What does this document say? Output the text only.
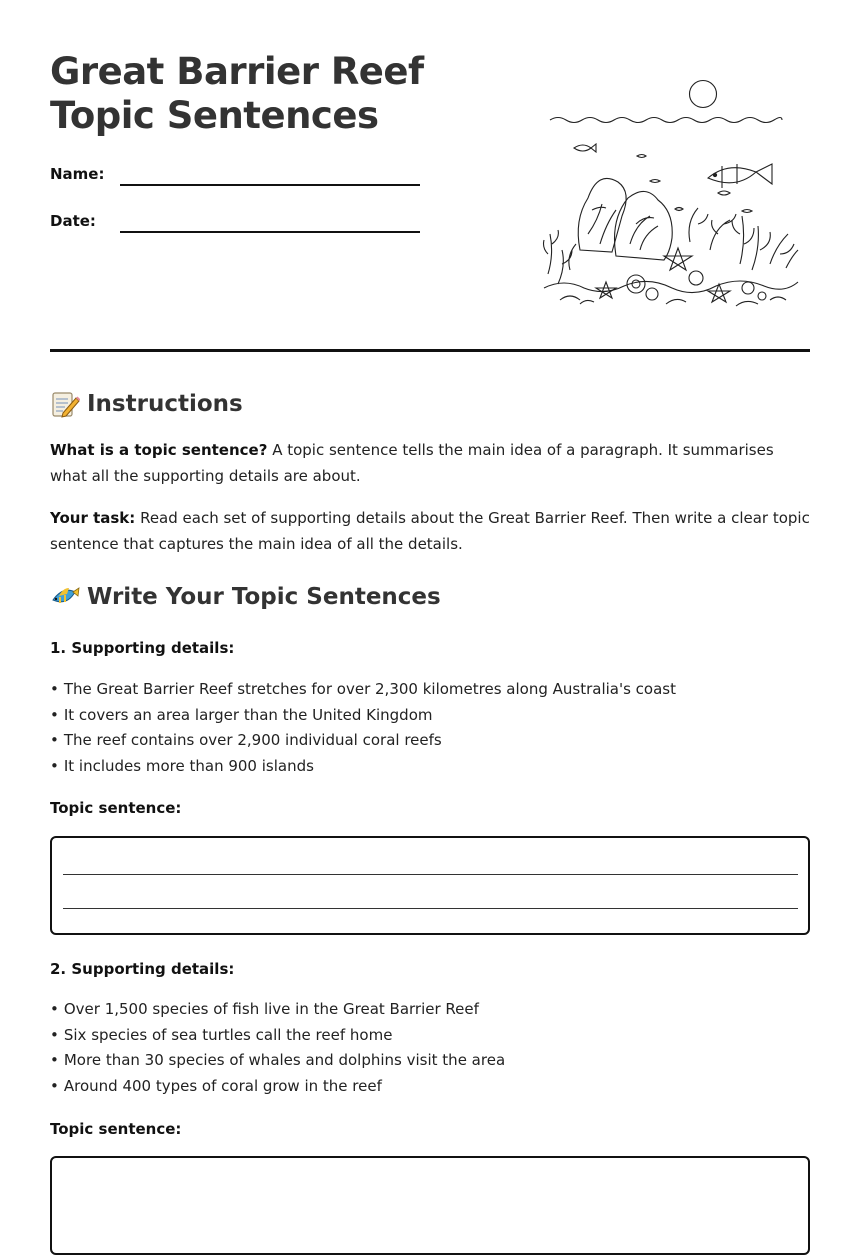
Great Barrier Reef Topic Sentences
Name:
Date:
Instructions

What is a topic sentence? A topic sentence tells the main idea of a paragraph. It summarises what all the supporting details are about.

Your task: Read each set of supporting details about the Great Barrier Reef. Then write a clear topic sentence that captures the main idea of all the details.

Write Your Topic Sentences

1. Supporting details:

• The Great Barrier Reef stretches for over 2,300 kilometres along Australia's coast
• It covers an area larger than the United Kingdom
• The reef contains over 2,900 individual coral reefs
• It includes more than 900 islands

Topic sentence:

2. Supporting details:

• Over 1,500 species of fish live in the Great Barrier Reef
• Six species of sea turtles call the reef home
• More than 30 species of whales and dolphins visit the area
• Around 400 types of coral grow in the reef

Topic sentence:
